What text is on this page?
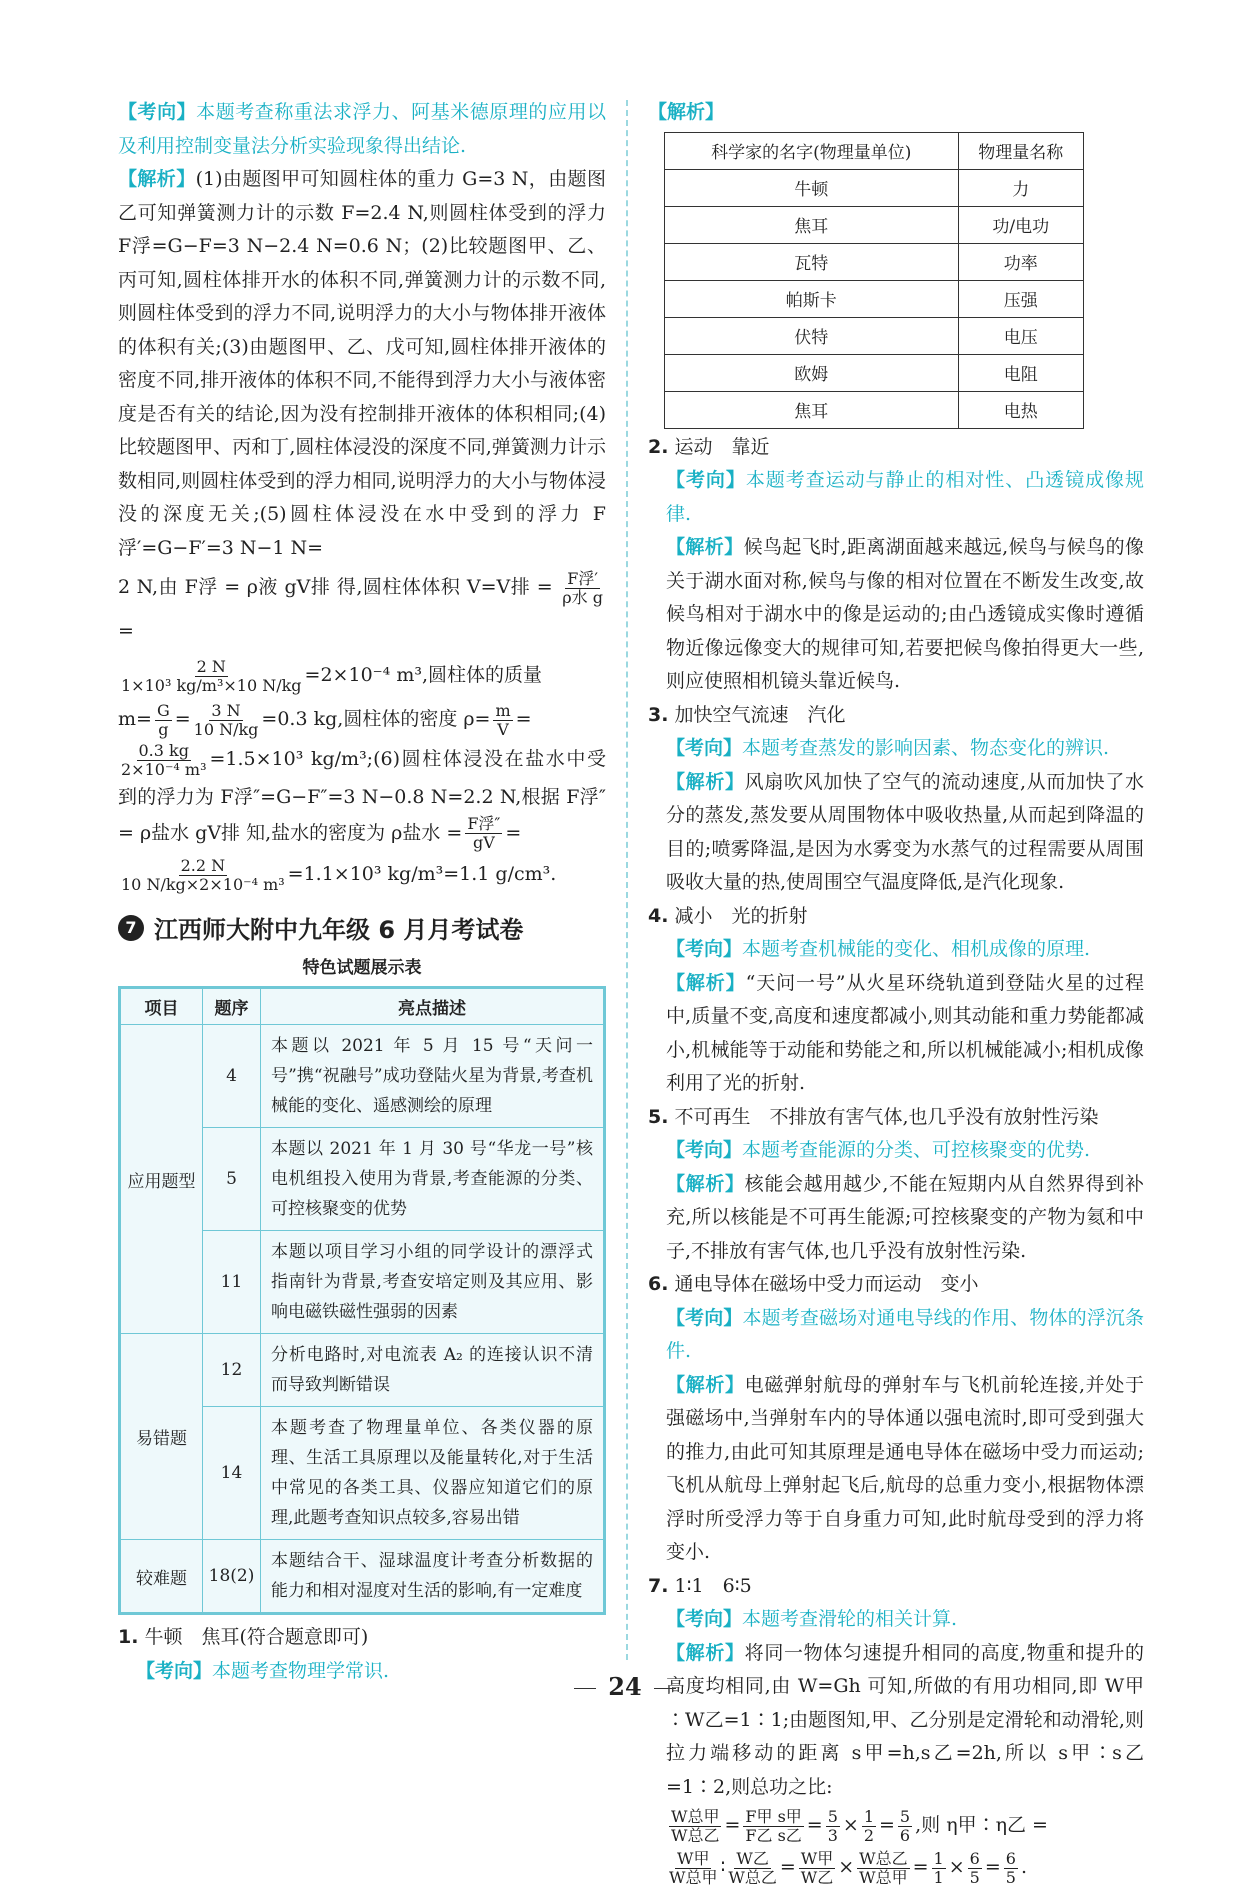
【考向】本题考查称重法求浮力、阿基米德原理的应用以及利用控制变量法分析实验现象得出结论.

【解析】(1)由题图甲可知圆柱体的重力 G=3 N，由题图乙可知弹簧测力计的示数 F=2.4 N,则圆柱体受到的浮力 F浮=G−F=3 N−2.4 N=0.6 N；(2)比较题图甲、乙、丙可知,圆柱体排开水的体积不同,弹簧测力计的示数不同,则圆柱体受到的浮力不同,说明浮力的大小与物体排开液体的体积有关;(3)由题图甲、乙、戊可知,圆柱体排开液体的密度不同,排开液体的体积不同,不能得到浮力大小与液体密度是否有关的结论,因为没有控制排开液体的体积相同;(4)比较题图甲、丙和丁,圆柱体浸没的深度不同,弹簧测力计示数相同,则圆柱体受到的浮力相同,说明浮力的大小与物体浸没的深度无关;(5)圆柱体浸没在水中受到的浮力 F浮′=G−F′=3 N−1 N=

2 N,由 F浮 = ρ液 gV排 得,圆柱体体积 V=V排 = $\frac{\text{F浮′}}{\text{ρ水 g}}$
=

$\frac{2 N}{\text{1×10³ kg/m³×10 N/kg}} =2\times 10^{-4}$ m³,圆柱体的质量

$m= \frac{G}{g} = \frac{3 N}{10 N/kg} =0.3$ kg,圆柱体的密度 $\rho= \frac{m}{V}$ =

$\frac{0.3 kg}{\text{2×10⁻⁴ m³}} =1.5\times 10^3$ kg/m³;(6)圆柱体浸没在盐水中受到的浮力为 F浮″=G−F″=3 N−0.8 N=2.2 N,根据 F浮″ = ρ盐水 gV排 知,盐水的密度为 ρ盐水 = $\frac{\text{F浮″}}{gV}$ =

$\frac{2.2 N}{\text{10 N/kg×2×10⁻⁴ m³}} =1.1\times 10^3$ kg/m³=1.1 g/cm³.

7 江西师大附中九年级 6 月月考试卷
特色试题展示表
项目	题序	亮点描述
应用题型	4	本题以 2021 年 5 月 15 号“天问一号”携“祝融号”成功登陆火星为背景,考查机械能的变化、遥感测绘的原理
	5	本题以 2021 年 1 月 30 号“华龙一号”核电机组投入使用为背景,考查能源的分类、可控核聚变的优势
	11	本题以项目学习小组的同学设计的漂浮式指南针为背景,考查安培定则及其应用、影响电磁铁磁性强弱的因素
易错题	12	分析电路时,对电流表 A₂ 的连接认识不清而导致判断错误
	14	本题考查了物理量单位、各类仪器的原理、生活工具原理以及能量转化,对于生活中常见的各类工具、仪器应知道它们的原理,此题考查知识点较多,容易出错
较难题	18(2)	本题结合干、湿球温度计考查分析数据的能力和相对湿度对生活的影响,有一定难度

1. 牛顿　焦耳(符合题意即可)

【考向】本题考查物理学常识.

【解析】

科学家的名字(物理量单位)	物理量名称
牛顿	力
焦耳	功/电功
瓦特	功率
帕斯卡	压强
伏特	电压
欧姆	电阻
焦耳	电热

2. 运动　靠近

【考向】本题考查运动与静止的相对性、凸透镜成像规律.

【解析】候鸟起飞时,距离湖面越来越远,候鸟与候鸟的像关于湖水面对称,候鸟与像的相对位置在不断发生改变,故候鸟相对于湖水中的像是运动的;由凸透镜成实像时遵循物近像远像变大的规律可知,若要把候鸟像拍得更大一些,则应使照相机镜头靠近候鸟.

3. 加快空气流速　汽化

【考向】本题考查蒸发的影响因素、物态变化的辨识.

【解析】风扇吹风加快了空气的流动速度,从而加快了水分的蒸发,蒸发要从周围物体中吸收热量,从而起到降温的目的;喷雾降温,是因为水雾变为水蒸气的过程需要从周围吸收大量的热,使周围空气温度降低,是汽化现象.

4. 减小　光的折射

【考向】本题考查机械能的变化、相机成像的原理.

【解析】“天问一号”从火星环绕轨道到登陆火星的过程中,质量不变,高度和速度都减小,则其动能和重力势能都减小,机械能等于动能和势能之和,所以机械能减小;相机成像利用了光的折射.

5. 不可再生　不排放有害气体,也几乎没有放射性污染

【考向】本题考查能源的分类、可控核聚变的优势.

【解析】核能会越用越少,不能在短期内从自然界得到补充,所以核能是不可再生能源;可控核聚变的产物为氦和中子,不排放有害气体,也几乎没有放射性污染.

6. 通电导体在磁场中受力而运动　变小

【考向】本题考查磁场对通电导线的作用、物体的浮沉条件.

【解析】电磁弹射航母的弹射车与飞机前轮连接,并处于强磁场中,当弹射车内的导体通以强电流时,即可受到强大的推力,由此可知其原理是通电导体在磁场中受力而运动;飞机从航母上弹射起飞后,航母的总重力变小,根据物体漂浮时所受浮力等于自身重力可知,此时航母受到的浮力将变小.

7. 1∶1　6∶5

【考向】本题考查滑轮的相关计算.

【解析】将同一物体匀速提升相同的高度,物重和提升的高度均相同,由 W=Gh 可知,所做的有用功相同,即 W甲∶W乙=1∶1;由题图知,甲、乙分别是定滑轮和动滑轮,则拉力端移动的距离 s甲=h,s乙=2h,所以 s甲∶s乙=1∶2,则总功之比:

$\frac{\text{W总甲}}{\text{W总乙}} = \frac{\text{F甲 s甲}}{\text{F乙 s乙}} = \frac{5}{3} \times \frac{1}{2} = \frac{5}{6}$ ,则 η甲∶η乙 =

$\frac{\text{W甲}}{\text{W总甲}}$ ∶ $\frac{\text{W乙}}{\text{W总乙}} = \frac{\text{W甲}}{\text{W乙}} \times \frac{\text{W总乙}}{\text{W总甲}} = \frac{1}{1} \times \frac{6}{5} = \frac{6}{5}$ .

24
